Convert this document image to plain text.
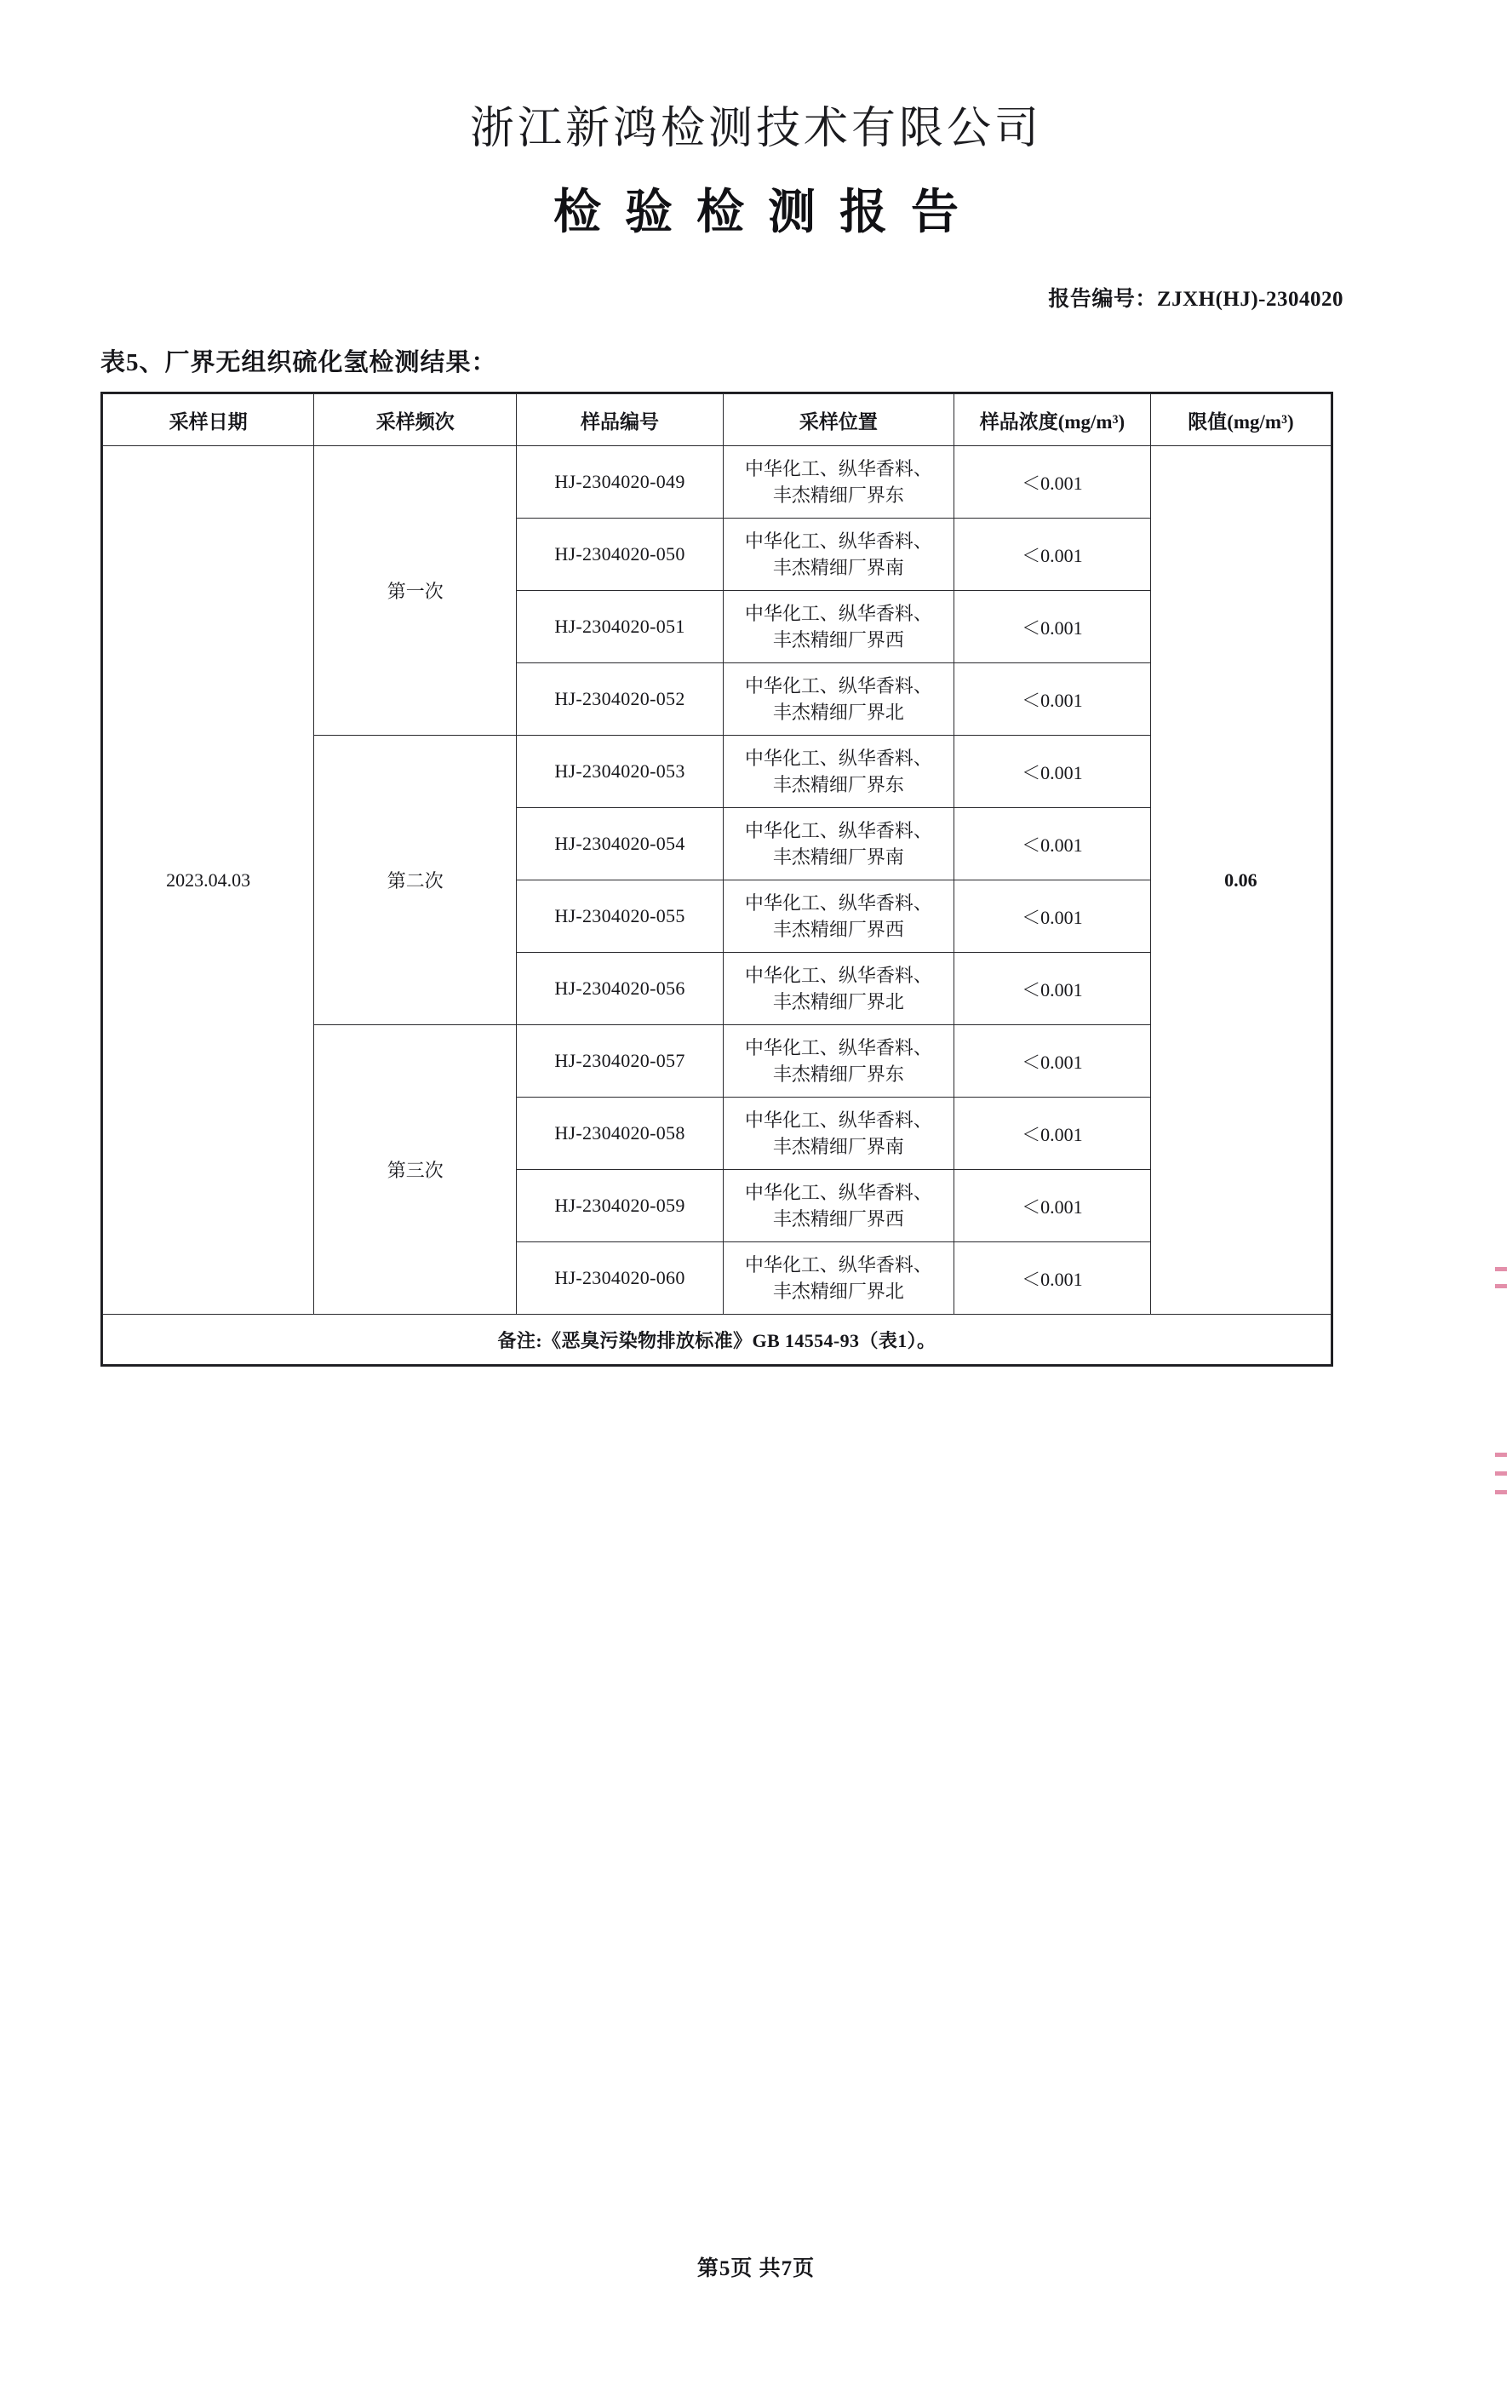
浙江新鸿检测技术有限公司
检验检测报告
报告编号：ZJXH(HJ)-2304020
表5、厂界无组织硫化氢检测结果：
采样日期	采样频次	样品编号	采样位置	样品浓度(mg/m³)	限值(mg/m³)
2023.04.03	第一次	HJ-2304020-049	中华化工、纵华香料、
丰杰精细厂界东	＜0.001	0.06
		HJ-2304020-050	中华化工、纵华香料、
丰杰精细厂界南	＜0.001	
		HJ-2304020-051	中华化工、纵华香料、
丰杰精细厂界西	＜0.001	
		HJ-2304020-052	中华化工、纵华香料、
丰杰精细厂界北	＜0.001	
	第二次	HJ-2304020-053	中华化工、纵华香料、
丰杰精细厂界东	＜0.001	
		HJ-2304020-054	中华化工、纵华香料、
丰杰精细厂界南	＜0.001	
		HJ-2304020-055	中华化工、纵华香料、
丰杰精细厂界西	＜0.001	
		HJ-2304020-056	中华化工、纵华香料、
丰杰精细厂界北	＜0.001	
	第三次	HJ-2304020-057	中华化工、纵华香料、
丰杰精细厂界东	＜0.001	
		HJ-2304020-058	中华化工、纵华香料、
丰杰精细厂界南	＜0.001	
		HJ-2304020-059	中华化工、纵华香料、
丰杰精细厂界西	＜0.001	
		HJ-2304020-060	中华化工、纵华香料、
丰杰精细厂界北	＜0.001	
备注:《恶臭污染物排放标准》GB 14554-93（表1）。					
第5页 共7页
